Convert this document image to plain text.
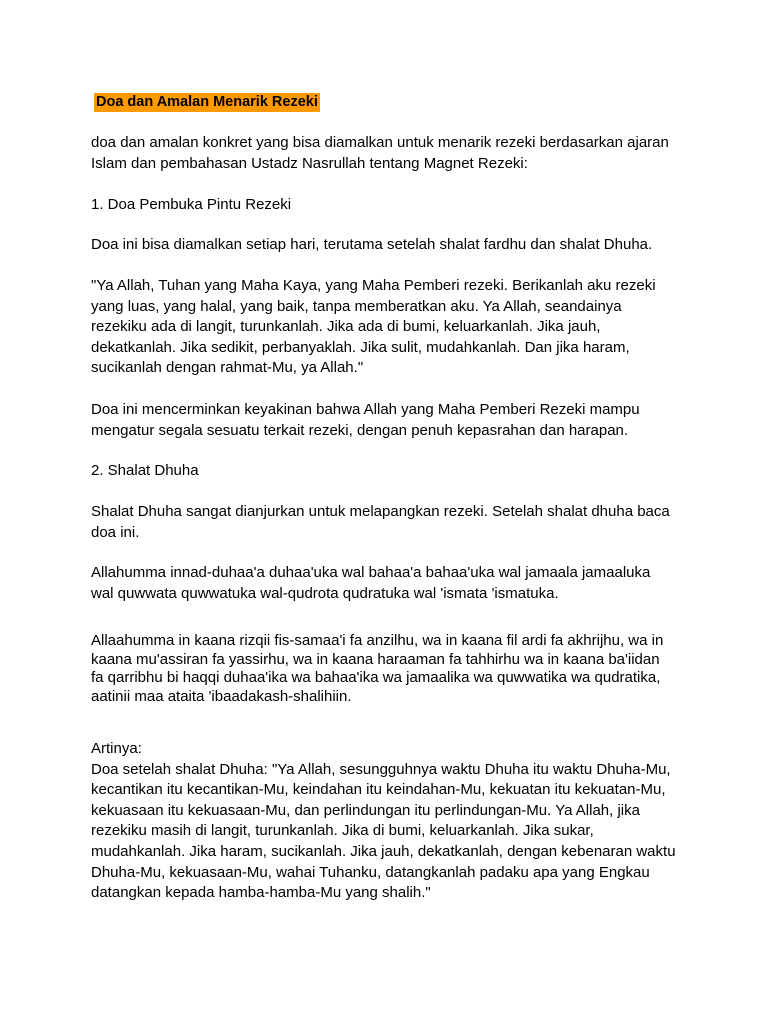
Doa dan Amalan Menarik Rezeki

doa dan amalan konkret yang bisa diamalkan untuk menarik rezeki berdasarkan ajaran
Islam dan pembahasan Ustadz Nasrullah tentang Magnet Rezeki:

1. Doa Pembuka Pintu Rezeki

Doa ini bisa diamalkan setiap hari, terutama setelah shalat fardhu dan shalat Dhuha.

"Ya Allah, Tuhan yang Maha Kaya, yang Maha Pemberi rezeki. Berikanlah aku rezeki
yang luas, yang halal, yang baik, tanpa memberatkan aku. Ya Allah, seandainya
rezekiku ada di langit, turunkanlah. Jika ada di bumi, keluarkanlah. Jika jauh,
dekatkanlah. Jika sedikit, perbanyaklah. Jika sulit, mudahkanlah. Dan jika haram,
sucikanlah dengan rahmat-Mu, ya Allah."

Doa ini mencerminkan keyakinan bahwa Allah yang Maha Pemberi Rezeki mampu
mengatur segala sesuatu terkait rezeki, dengan penuh kepasrahan dan harapan.

2. Shalat Dhuha

Shalat Dhuha sangat dianjurkan untuk melapangkan rezeki. Setelah shalat dhuha baca
doa ini.

Allahumma innad-duhaa'a duhaa'uka wal bahaa'a bahaa'uka wal jamaala jamaaluka
wal quwwata quwwatuka wal-qudrota qudratuka wal 'ismata 'ismatuka.

Allaahumma in kaana rizqii fis-samaa'i fa anzilhu, wa in kaana fil ardi fa akhrijhu, wa in
kaana mu'assiran fa yassirhu, wa in kaana haraaman fa tahhirhu wa in kaana ba'iidan
fa qarribhu bi haqqi duhaa'ika wa bahaa'ika wa jamaalika wa quwwatika wa qudratika,
aatinii maa ataita 'ibaadakash-shalihiin.

Artinya:
Doa setelah shalat Dhuha: "Ya Allah, sesungguhnya waktu Dhuha itu waktu Dhuha-Mu,
kecantikan itu kecantikan-Mu, keindahan itu keindahan-Mu, kekuatan itu kekuatan-Mu,
kekuasaan itu kekuasaan-Mu, dan perlindungan itu perlindungan-Mu. Ya Allah, jika
rezekiku masih di langit, turunkanlah. Jika di bumi, keluarkanlah. Jika sukar,
mudahkanlah. Jika haram, sucikanlah. Jika jauh, dekatkanlah, dengan kebenaran waktu
Dhuha-Mu, kekuasaan-Mu, wahai Tuhanku, datangkanlah padaku apa yang Engkau
datangkan kepada hamba-hamba-Mu yang shalih."
